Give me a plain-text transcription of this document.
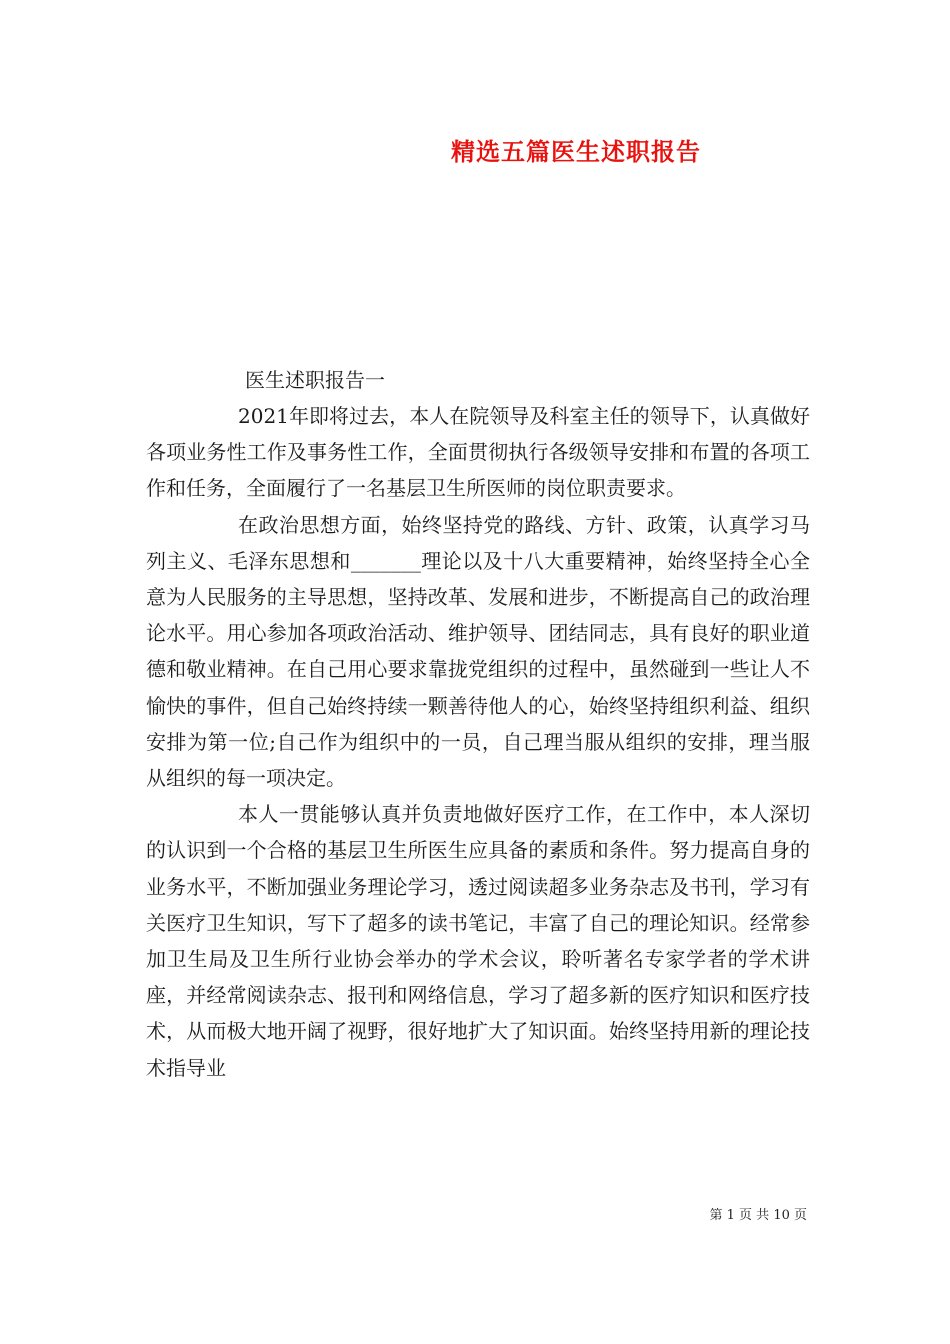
精选五篇医生述职报告
医生述职报告一

2021年即将过去，本人在院领导及科室主任的领导下，认真做好各项业务性工作及事务性工作，全面贯彻执行各级领导安排和布置的各项工作和任务，全面履行了一名基层卫生所医师的岗位职责要求。

在政治思想方面，始终坚持党的路线、方针、政策，认真学习马列主义、毛泽东思想和_______理论以及十八大重要精神，始终坚持全心全意为人民服务的主导思想，坚持改革、发展和进步，不断提高自己的政治理论水平。用心参加各项政治活动、维护领导、团结同志，具有良好的职业道德和敬业精神。在自己用心要求靠拢党组织的过程中，虽然碰到一些让人不愉快的事件，但自己始终持续一颗善待他人的心，始终坚持组织利益、组织安排为第一位;自己作为组织中的一员，自己理当服从组织的安排，理当服从组织的每一项决定。

本人一贯能够认真并负责地做好医疗工作，在工作中，本人深切的认识到一个合格的基层卫生所医生应具备的素质和条件。努力提高自身的业务水平，不断加强业务理论学习，透过阅读超多业务杂志及书刊，学习有关医疗卫生知识，写下了超多的读书笔记，丰富了自己的理论知识。经常参加卫生局及卫生所行业协会举办的学术会议，聆听著名专家学者的学术讲座，并经常阅读杂志、报刊和网络信息，学习了超多新的医疗知识和医疗技术，从而极大地开阔了视野，很好地扩大了知识面。始终坚持用新的理论技术指导业

第 1 页 共 10 页
